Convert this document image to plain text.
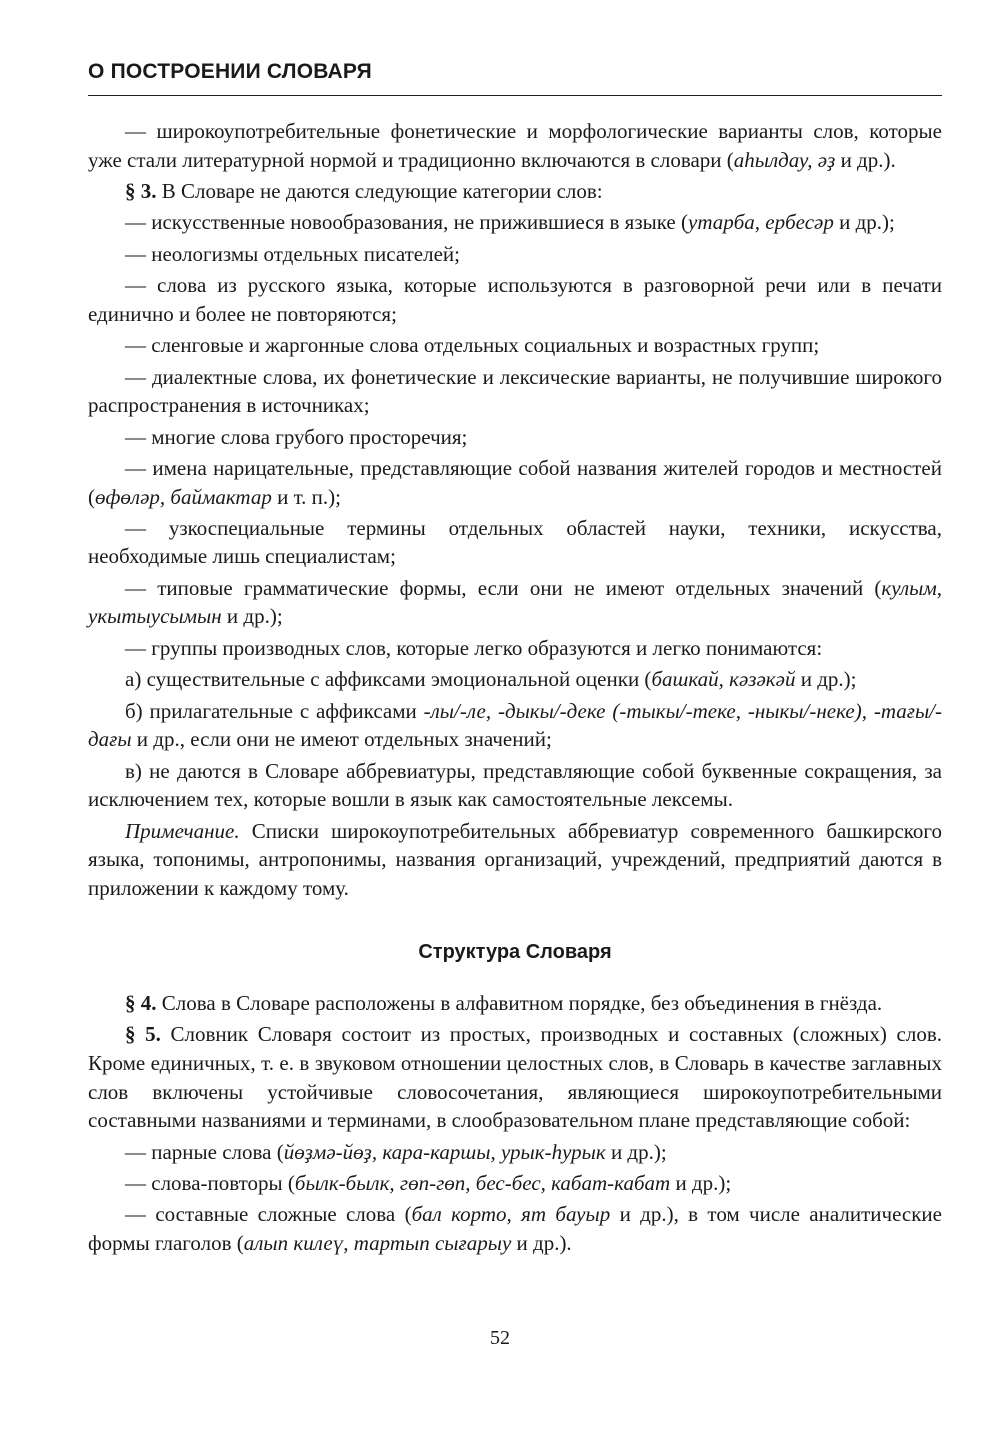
О ПОСТРОЕНИИ СЛОВАРЯ

— широкоупотребительные фонетические и морфологические варианты слов, которые уже стали литературной нормой и традиционно включаются в словари (аһылдау, әҙ и др.).

§ 3. В Словаре не даются следующие категории слов:

— искусственные новообразования, не прижившиеся в языке (утарба, ербесәр и др.);

— неологизмы отдельных писателей;

— слова из русского языка, которые используются в разговорной речи или в печати единично и более не повторяются;

— сленговые и жаргонные слова отдельных социальных и возрастных групп;

— диалектные слова, их фонетические и лексические варианты, не получившие широкого распространения в источниках;

— многие слова грубого просторечия;

— имена нарицательные, представляющие собой названия жителей городов и местностей (өфөләр, баймактар и т. п.);

— узкоспециальные термины отдельных областей науки, техники, искусства, необходимые лишь специалистам;

— типовые грамматические формы, если они не имеют отдельных значений (кулым, укытыусымын и др.);

— группы производных слов, которые легко образуются и легко понимаются:

а) существительные с аффиксами эмоциональной оценки (башкай, кәзәкәй и др.);

б) прилагательные с аффиксами -лы/-ле, -дыкы/-деке (-тыкы/-теке, -ныкы/-неке), -тағы/-дағы и др., если они не имеют отдельных значений;

в) не даются в Словаре аббревиатуры, представляющие собой буквенные сокращения, за исключением тех, которые вошли в язык как самостоятельные лексемы.

Примечание. Списки широкоупотребительных аббревиатур современного башкирского языка, топонимы, антропонимы, названия организаций, учреждений, предприятий даются в приложении к каждому тому.

Структура Словаря

§ 4. Слова в Словаре расположены в алфавитном порядке, без объединения в гнёзда.

§ 5. Словник Словаря состоит из простых, производных и составных (сложных) слов. Кроме единичных, т. е. в звуковом отношении целостных слов, в Словарь в качестве заглавных слов включены устойчивые словосочетания, являющиеся широкоупотребительными составными названиями и терминами, в слообразовательном плане представляющие собой:

— парные слова (йөҙмә-йөҙ, кара-каршы, урык-һурык и др.);

— слова-повторы (былк-былк, гөп-гөп, бес-бес, кабат-кабат и др.);

— составные сложные слова (бал корто, ят бауыр и др.), в том числе аналитические формы глаголов (алып килеү, тартып сығарыу и др.).

52
